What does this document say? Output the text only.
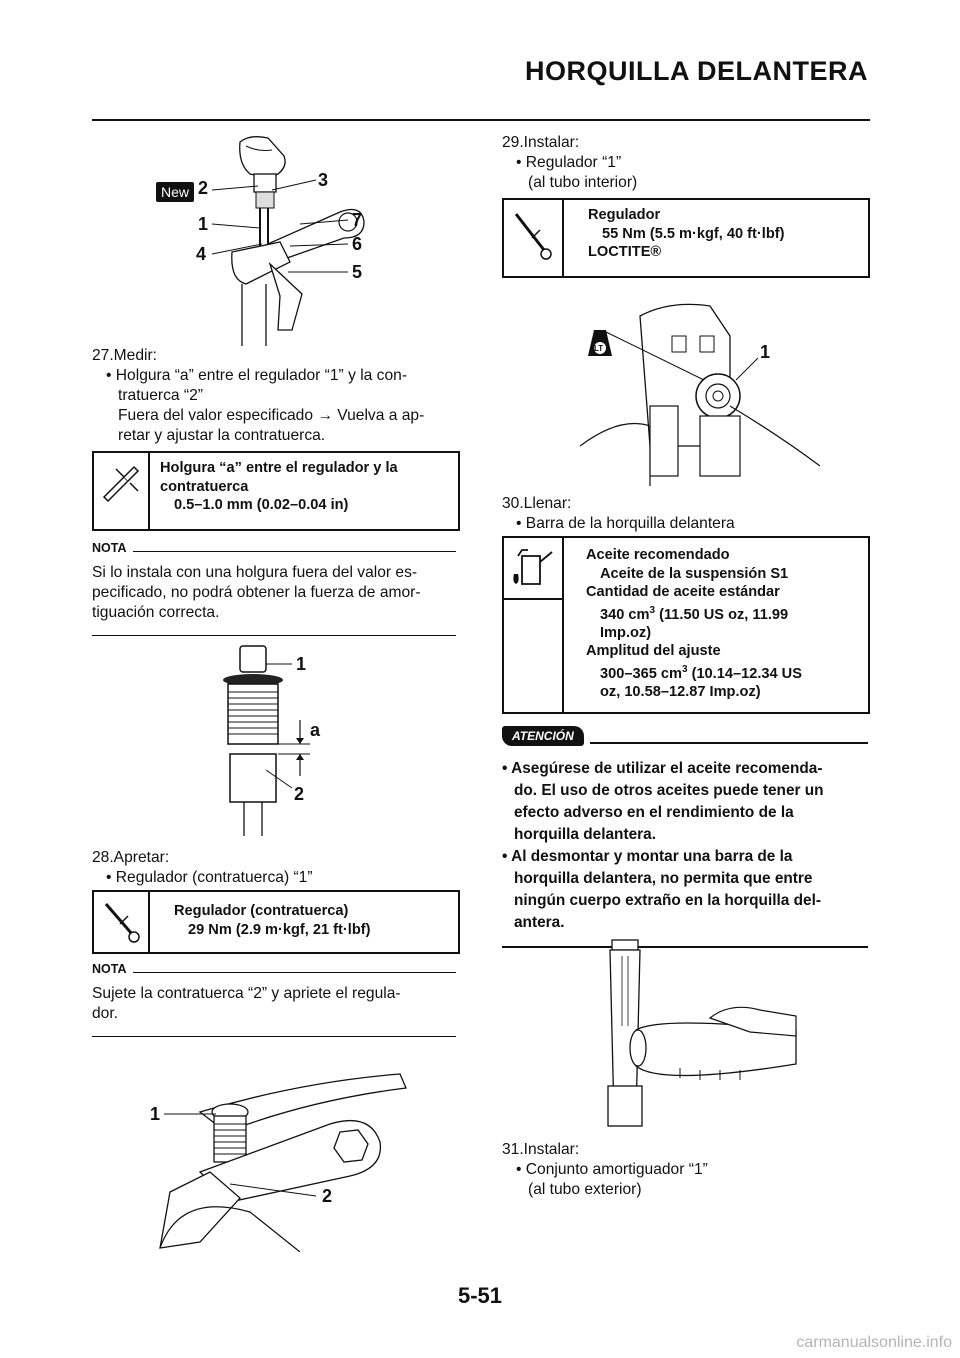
HORQUILLA DELANTERA
New 2	3
1	7
4	6
5
27.Medir:
• Holgura “a” entre el regulador “1” y la con-
tratuerca “2”
Fuera del valor especificado → Vuelva a ap-
retar y ajustar la contratuerca.
Holgura “a” entre el regulador y la
contratuerca
0.5–1.0 mm (0.02–0.04 in)
NOTA
Si lo instala con una holgura fuera del valor es-
pecificado, no podrá obtener la fuerza de amor-
tiguación correcta.
1
a
2
28.Apretar:
• Regulador (contratuerca) “1”
Regulador (contratuerca)
29 Nm (2.9 m·kgf, 21 ft·lbf)
NOTA
Sujete la contratuerca “2” y apriete el regula-
dor.
1
2
29.Instalar:
• Regulador “1”
(al tubo interior)
Regulador
55 Nm (5.5 m·kgf, 40 ft·lbf)
LOCTITE®
LT	1
30.Llenar:
• Barra de la horquilla delantera
Aceite recomendado
Aceite de la suspensión S1
Cantidad de aceite estándar
340 $cm^3$ (11.50 US oz, 11.99
Imp.oz)
Amplitud del ajuste
300–365 $cm^3$ (10.14–12.34 US
oz, 10.58–12.87 Imp.oz)
ATENCIÓN
• Asegúrese de utilizar el aceite recomenda-
do. El uso de otros aceites puede tener un
efecto adverso en el rendimiento de la
horquilla delantera.
• Al desmontar y montar una barra de la
horquilla delantera, no permita que entre
ningún cuerpo extraño en la horquilla del-
antera.
31.Instalar:
• Conjunto amortiguador “1”
(al tubo exterior)
5-51
carmanualsonline.info
